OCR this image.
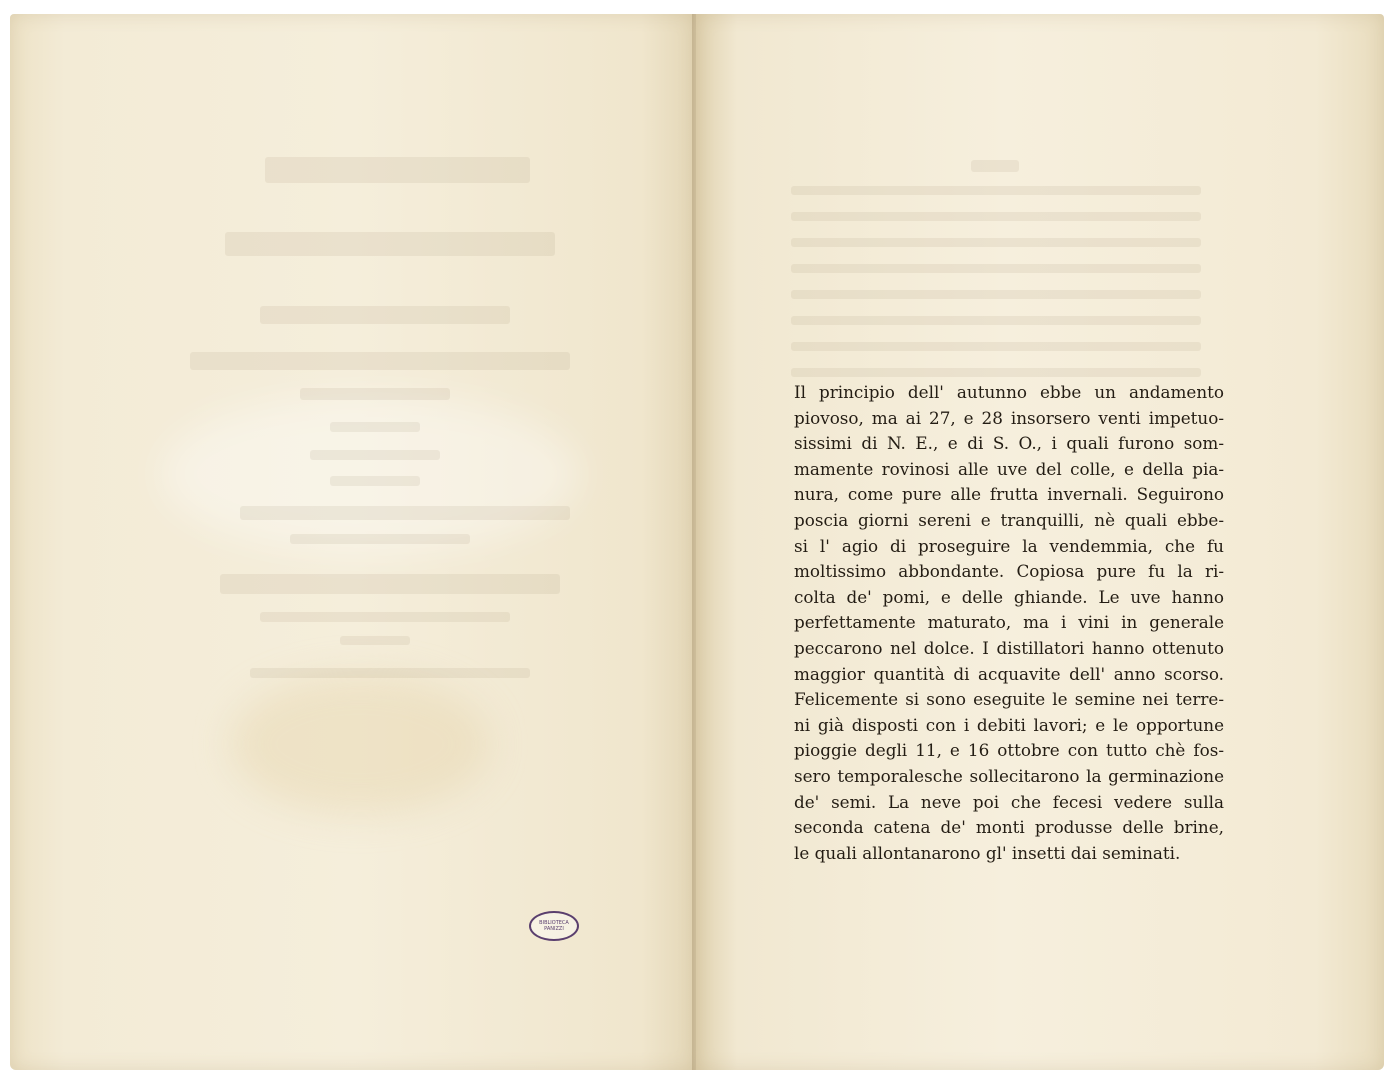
Il principio dell' autunno ebbe un andamento
piovoso, ma ai 27, e 28 insorsero venti impetuo-
sissimi di N. E., e di S. O., i quali furono som-
mamente rovinosi alle uve del colle, e della pia-
nura, come pure alle frutta invernali. Seguirono
poscia giorni sereni e tranquilli, nè quali ebbe-
si l' agio di proseguire la vendemmia, che fu
moltissimo abbondante. Copiosa pure fu la ri-
colta de' pomi, e delle ghiande. Le uve hanno
perfettamente maturato, ma i vini in generale
peccarono nel dolce. I distillatori hanno ottenuto
maggior quantità di acquavite dell' anno scorso.
Felicemente si sono eseguite le semine nei terre-
ni già disposti con i debiti lavori; e le opportune
pioggie degli 11, e 16 ottobre con tutto chè fos-
sero temporalesche sollecitarono la germinazione
de' semi. La neve poi che fecesi vedere sulla
seconda catena de' monti produsse delle brine,
le quali allontanarono gl' insetti dai seminati.
BIBLIOTECA
PANIZZI
